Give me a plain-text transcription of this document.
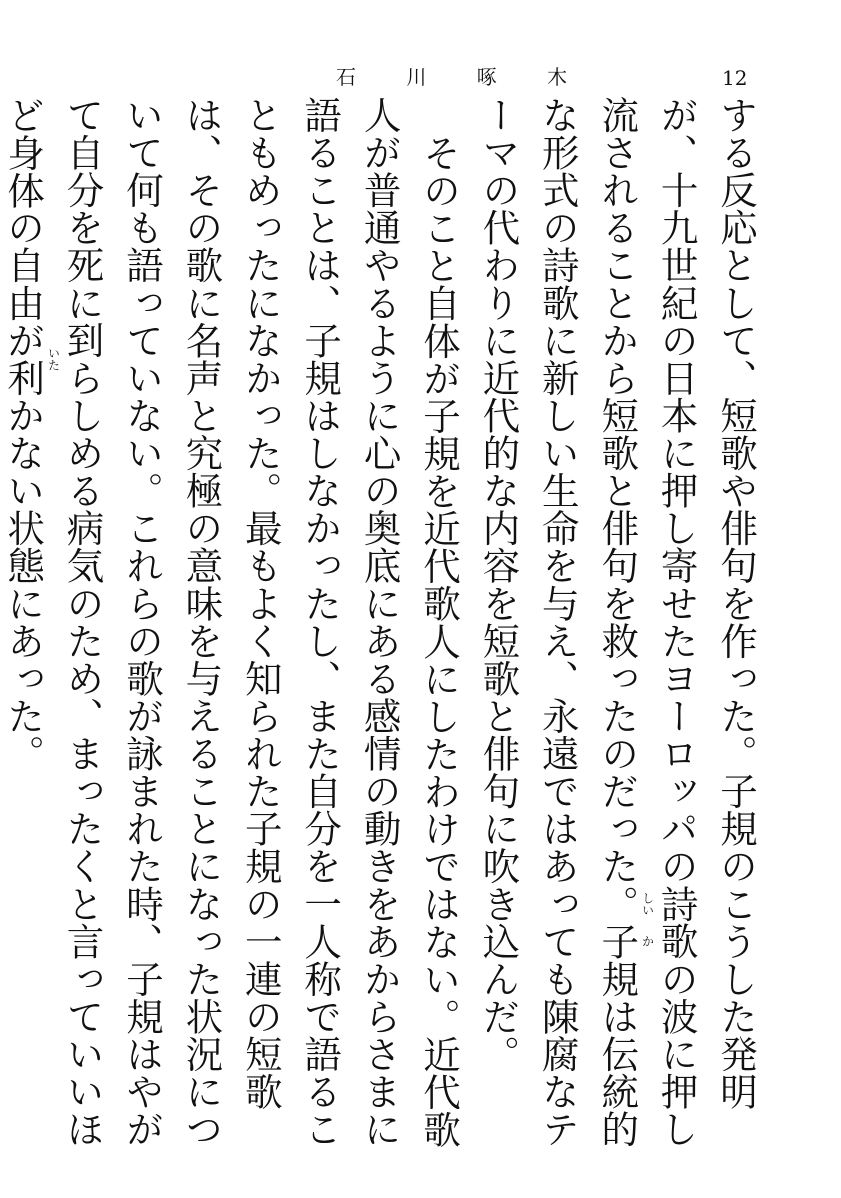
石 川 啄 木	12

する反応として、短歌や俳句を作った。子規のこうした発明が、十九世紀の日本に押し寄せたヨーロッパの詩
しい
歌
か
の波に押し流されることから短歌と俳句を救ったのだった。子規は伝統的な形式の詩歌に新しい生命を与え、永遠ではあっても陳腐なテーマの代わりに近代的な内容を短歌と俳句に吹き込んだ。

そのこと自体が子規を近代歌人にしたわけではない。近代歌人が普通やるように心の奥底にある感情の動きをあからさまに語ることは、子規はしなかったし、また自分を一人称で語ることもめったになかった。最もよく知られた子規の一連の短歌は、その歌に名声と究極の意味を与えることになった状況について何も語っていない。これらの歌が詠まれた時、子規はやがて自分を死に到
いた
らしめる病気のため、まったくと言っていいほど身体
の自由が利
かない状態にあった。
